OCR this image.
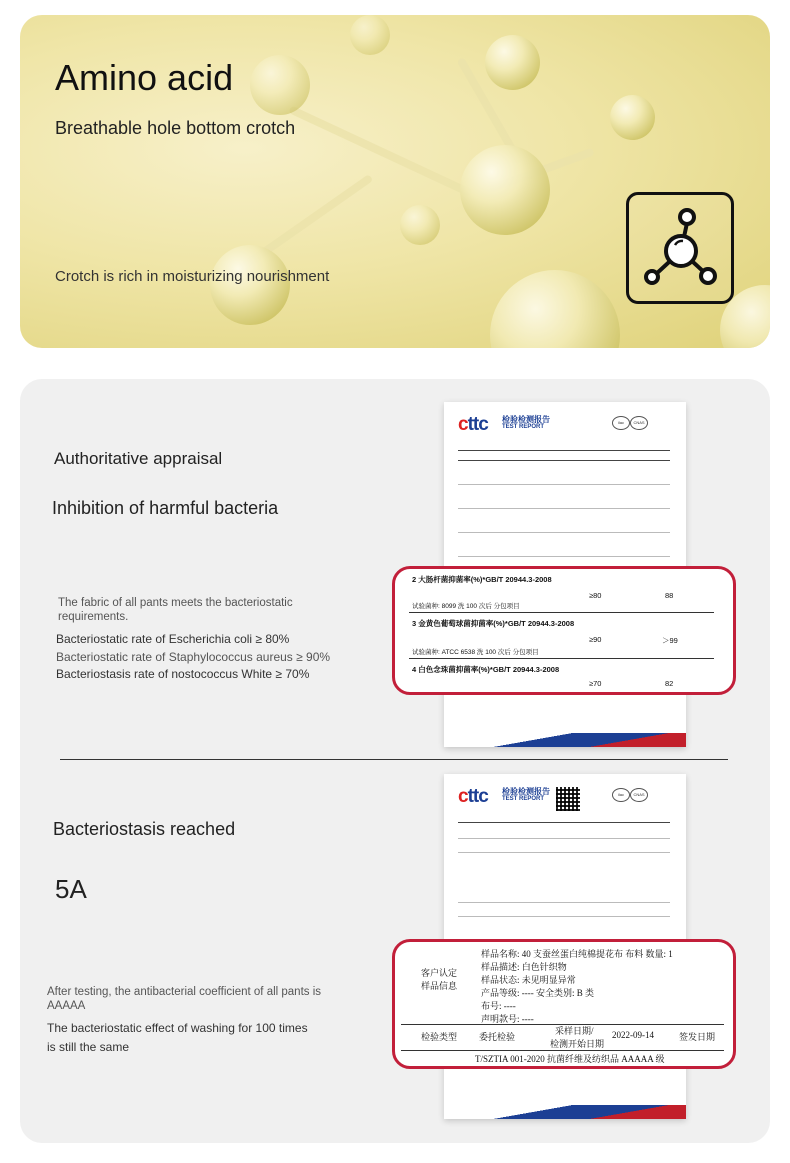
Amino acid
Breathable hole bottom crotch
Crotch is rich in moisturizing nourishment
Authoritative appraisal
Inhibition of harmful bacteria
The fabric of all pants meets the bacteriostatic requirements.
Bacteriostatic rate of Escherichia coli ≥ 80%
Bacteriostatic rate of Staphylococcus aureus ≥ 90%
Bacteriostasis rate of nostococcus White ≥ 70%
cttc 检验检测报告
TEST REPORT
ilac	CNAS
2 大肠杆菌抑菌率(%)*GB/T 20944.3-2008
≥80	88
试验菌种: 8099 洗 100 次后 分包项目
3 金黄色葡萄球菌抑菌率(%)*GB/T 20944.3-2008
≥90	＞99
试验菌种: ATCC 6538 洗 100 次后 分包项目
4 白色念珠菌抑菌率(%)*GB/T 20944.3-2008
≥70	82
Bacteriostasis reached
5A
After testing, the antibacterial coefficient of all pants is AAAAA
The bacteriostatic effect of washing for 100 times is still the same
cttc 检验检测报告
TEST REPORT
ilac	CNAS
客户认定
样品信息
样品名称: 40 支蚕丝蛋白纯棉提花布 布料 数量: 1
样品描述: 白色针织物
样品状态: 未见明显异常
产品等级: ---- 安全类别: B 类
布号: ----
声明款号: ----
检验类型 委托检验
采样日期/
检测开始日期
2022-09-14	签发日期
T/SZTIA 001-2020 抗菌纤维及纺织品 AAAAA 级
